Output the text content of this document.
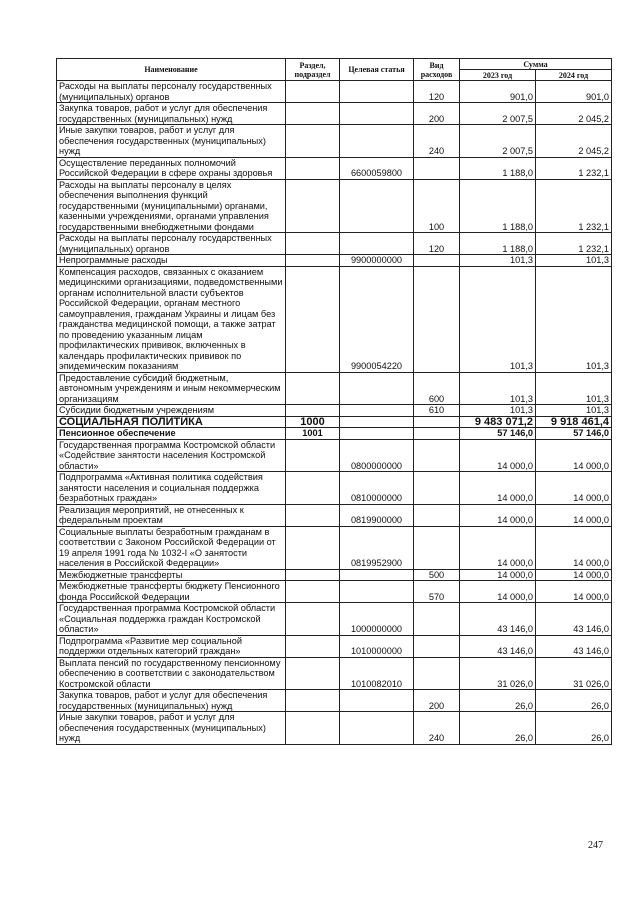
Наименование	Раздел, подраздел	Целевая статья	Вид расходов	Сумма	
				2023 год	2024 год
Расходы на выплаты персоналу государственных (муниципальных) органов			120	901,0	901,0
Закупка товаров, работ и услуг для обеспечения государственных (муниципальных) нужд			200	2 007,5	2 045,2
Иные закупки товаров, работ и услуг для обеспечения государственных (муниципальных) нужд			240	2 007,5	2 045,2
Осуществление переданных полномочий Российской Федерации в сфере охраны здоровья		6600059800		1 188,0	1 232,1
Расходы на выплаты персоналу в целях обеспечения выполнения функций государственными (муниципальными) органами, казенными учреждениями, органами управления государственными внебюджетными фондами			100	1 188,0	1 232,1
Расходы на выплаты персоналу государственных (муниципальных) органов			120	1 188,0	1 232,1
Непрограммные расходы		9900000000		101,3	101,3
Компенсация расходов, связанных с оказанием медицинскими организациями, подведомственными органам исполнительной власти субъектов Российской Федерации, органам местного самоуправления, гражданам Украины и лицам без гражданства медицинской помощи, а также затрат по проведению указанным лицам профилактических прививок, включенных в календарь профилактических прививок по эпидемическим показаниям		9900054220		101,3	101,3
Предоставление субсидий бюджетным, автономным учреждениям и иным некоммерческим организациям			600	101,3	101,3
Субсидии бюджетным учреждениям			610	101,3	101,3
СОЦИАЛЬНАЯ ПОЛИТИКА	1000			9 483 071,2	9 918 461,4
Пенсионное обеспечение	1001			57 146,0	57 146,0
Государственная программа Костромской области «Содействие занятости населения Костромской области»		0800000000		14 000,0	14 000,0
Подпрограмма «Активная политика содействия занятости населения и социальная поддержка безработных граждан»		0810000000		14 000,0	14 000,0
Реализация мероприятий, не отнесенных к федеральным проектам		0819900000		14 000,0	14 000,0
Социальные выплаты безработным гражданам в соответствии с Законом Российской Федерации от 19 апреля 1991 года № 1032-I «О занятости населения в Российской Федерации»		0819952900		14 000,0	14 000,0
Межбюджетные трансферты			500	14 000,0	14 000,0
Межбюджетные трансферты бюджету Пенсионного фонда Российской Федерации			570	14 000,0	14 000,0
Государственная программа Костромской области «Социальная поддержка граждан Костромской области»		1000000000		43 146,0	43 146,0
Подпрограмма «Развитие мер социальной поддержки отдельных категорий граждан»		1010000000		43 146,0	43 146,0
Выплата пенсий по государственному пенсионному обеспечению в соответствии с законодательством Костромской области		1010082010		31 026,0	31 026,0
Закупка товаров, работ и услуг для обеспечения государственных (муниципальных) нужд			200	26,0	26,0
Иные закупки товаров, работ и услуг для обеспечения государственных (муниципальных) нужд			240	26,0	26,0
247
